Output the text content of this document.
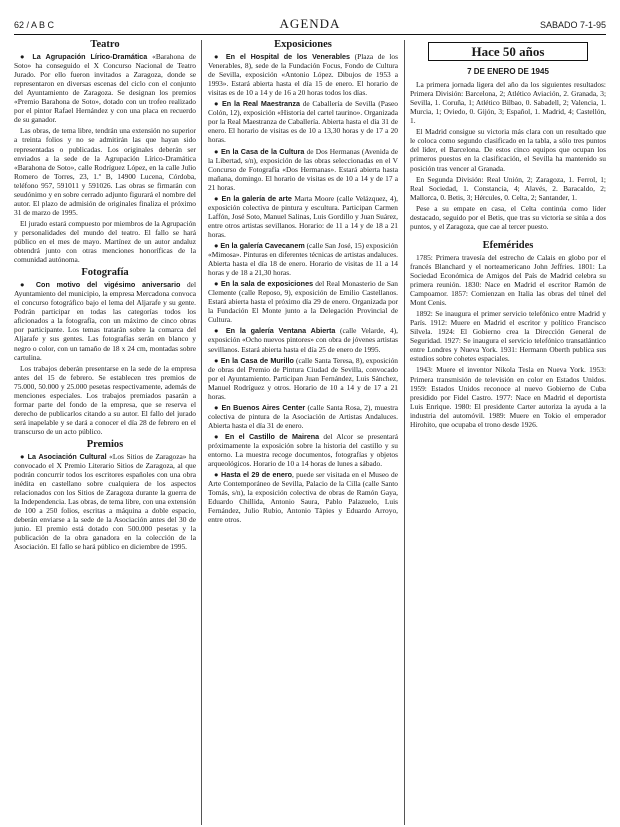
62 / A B C	AGENDA	SABADO 7-1-95
Teatro

● La Agrupación Lírico-Dramática «Barahona de Soto» ha conseguido el X Concurso Nacional de Teatro Jurado. Por ello fueron invitados a Zaragoza, donde se representaron en diversas escenas del ciclo con el conjunto del Ayuntamiento de Zaragoza. Se designan los premios «Premio Barahona de Soto», dotado con un trofeo realizado por el pintor Rafael Hernández y con una placa en recuerdo de su ganador.

Las obras, de tema libre, tendrán una extensión no superior a treinta folios y no se admitirán las que hayan sido representadas o publicadas. Los originales deberán ser enviados a la sede de la Agrupación Lírico-Dramática «Barahona de Soto», calle Rodríguez López, en la calle Julio Romero de Torres, 23, 1.º B, 14900 Lucena, Córdoba, teléfono 957, 591011 y 591026. Las obras se firmarán con seudónimo y en sobre cerrado adjunto figurará el nombre del autor. El plazo de admisión de originales finaliza el próximo 31 de marzo de 1995.

El jurado estará compuesto por miembros de la Agrupación y personalidades del mundo del teatro. El fallo se hará público en el mes de mayo. Martínez de un autor andaluz obtendrá junto con otras menciones honoríficas de la comunidad autónoma.

Fotografía

● Con motivo del vigésimo aniversario del Ayuntamiento del municipio, la empresa Mercadona convoca el concurso fotográfico bajo el lema del Aljarafe y su gente. Podrán participar en todas las categorías todos los aficionados a la fotografía, con un máximo de cinco obras por participante. Los temas tratarán sobre la comarca del Aljarafe y sus gentes. Las fotografías serán en blanco y negro o color, con un tamaño de 18 x 24 cm, montadas sobre cartulina.

Los trabajos deberán presentarse en la sede de la empresa antes del 15 de febrero. Se establecen tres premios de 75.000, 50.000 y 25.000 pesetas respectivamente, además de menciones especiales. Los trabajos premiados pasarán a formar parte del fondo de la empresa, que se reserva el derecho de publicarlos citando a su autor. El fallo del jurado será inapelable y se dará a conocer el día 28 de febrero en el transcurso de un acto público.

Premios

● La Asociación Cultural «Los Sitios de Zaragoza» ha convocado el X Premio Literario Sitios de Zaragoza, al que podrán concurrir todos los escritores españoles con una obra inédita en castellano sobre cualquiera de los aspectos relacionados con los Sitios de Zaragoza durante la guerra de la Independencia. Las obras, de tema libre, con una extensión de 100 a 250 folios, escritas a máquina a doble espacio, deberán enviarse a la sede de la Asociación antes del 30 de junio. El premio está dotado con 500.000 pesetas y la publicación de la obra ganadora en la colección de la Asociación. El fallo se hará público en diciembre de 1995.

Exposiciones

● En el Hospital de los Venerables (Plaza de los Venerables, 8), sede de la Fundación Focus, Fondo de Cultura de Sevilla, exposición «Antonio López. Dibujos de 1953 a 1993». Estará abierta hasta el día 15 de enero. El horario de visitas es de 10 a 14 y de 16 a 20 horas todos los días.

● En la Real Maestranza de Caballería de Sevilla (Paseo Colón, 12), exposición «Historia del cartel taurino». Organizada por la Real Maestranza de Caballería. Abierta hasta el día 31 de enero. El horario de visitas es de 10 a 13,30 horas y de 17 a 20 horas.

● En la Casa de la Cultura de Dos Hermanas (Avenida de la Libertad, s/n), exposición de las obras seleccionadas en el V Concurso de Fotografía «Dos Hermanas». Estará abierta hasta mañana, domingo. El horario de visitas es de 10 a 14 y de 17 a 21 horas.

● En la galería de arte Marta Moore (calle Velázquez, 4), exposición colectiva de pintura y escultura. Participan Carmen Laffón, José Soto, Manuel Salinas, Luis Gordillo y Juan Suárez, entre otros artistas sevillanos. Horario: de 11 a 14 y de 18 a 21 horas.

● En la galería Cavecanem (calle San José, 15) exposición «Mimosa». Pinturas en diferentes técnicas de artistas andaluces. Abierta hasta el día 18 de enero. Horario de visitas de 11 a 14 horas y de 18 a 21,30 horas.

● En la sala de exposiciones del Real Monasterio de San Clemente (calle Reposo, 9), exposición de Emilio Castellanos. Estará abierta hasta el próximo día 29 de enero. Organizada por la Fundación El Monte junto a la Delegación Provincial de Cultura.

● En la galería Ventana Abierta (calle Velarde, 4), exposición «Ocho nuevos pintores» con obra de jóvenes artistas sevillanos. Estará abierta hasta el día 25 de enero de 1995.

● En la Casa de Murillo (calle Santa Teresa, 8), exposición de obras del Premio de Pintura Ciudad de Sevilla, convocado por el Ayuntamiento. Participan Juan Fernández, Luis Sánchez, Manuel Rodríguez y otros. Horario de 10 a 14 y de 17 a 21 horas.

● En Buenos Aires Center (calle Santa Rosa, 2), muestra colectiva de pintura de la Asociación de Artistas Andaluces. Abierta hasta el día 31 de enero.

● En el Castillo de Mairena del Alcor se presentará próximamente la exposición sobre la historia del castillo y su entorno. La muestra recoge documentos, fotografías y objetos arqueológicos. Horario de 10 a 14 horas de lunes a sábado.

● Hasta el 29 de enero, puede ser visitada en el Museo de Arte Contemporáneo de Sevilla, Palacio de la Cilla (calle Santo Tomás, s/n), la exposición colectiva de obras de Ramón Gaya, Eduardo Chillida, Antonio Saura, Pablo Palazuelo, Luis Fernández, Julio Rubio, Antonio Tàpies y Eduardo Arroyo, entre otros.

Hace 50 años
7 DE ENERO DE 1945

La primera jornada ligera del año da los siguientes resultados: Primera División: Barcelona, 2; Atlético Aviación, 2. Granada, 3; Sevilla, 1. Coruña, 1; Atlético Bilbao, 0. Sabadell, 2; Valencia, 1. Murcia, 1; Oviedo, 0. Gijón, 3; Español, 1. Madrid, 4; Castellón, 1.

El Madrid consigue su victoria más clara con un resultado que le coloca como segundo clasificado en la tabla, a sólo tres puntos del líder, el Barcelona. De estos cinco equipos que ocupan los primeros puestos en la clasificación, el Sevilla ha mantenido su posición tras vencer al Granada.

En Segunda División: Real Unión, 2; Zaragoza, 1. Ferrol, 1; Real Sociedad, 1. Constancia, 4; Alavés, 2. Baracaldo, 2; Mallorca, 0. Betis, 3; Hércules, 0. Celta, 2; Santander, 1.

Pese a su empate en casa, el Celta continúa como líder destacado, seguido por el Betis, que tras su victoria se sitúa a dos puntos, y el Zaragoza, que cae al tercer puesto.

Efemérides

1785: Primera travesía del estrecho de Calais en globo por el francés Blanchard y el norteamericano John Jeffries. 1801: La Sociedad Económica de Amigos del País de Madrid celebra su primera reunión. 1830: Nace en Madrid el escritor Ramón de Campoamor. 1857: Comienzan en Italia las obras del túnel del Mont Cenis.

1892: Se inaugura el primer servicio telefónico entre Madrid y París. 1912: Muere en Madrid el escritor y político Francisco Silvela. 1924: El Gobierno crea la Dirección General de Seguridad. 1927: Se inaugura el servicio telefónico transatlántico entre Londres y Nueva York. 1931: Hermann Oberth publica sus estudios sobre cohetes espaciales.

1943: Muere el inventor Nikola Tesla en Nueva York. 1953: Primera transmisión de televisión en color en Estados Unidos. 1959: Estados Unidos reconoce al nuevo Gobierno de Cuba presidido por Fidel Castro. 1977: Nace en Madrid el deportista Luis Enrique. 1980: El presidente Carter autoriza la ayuda a la industria del automóvil. 1989: Muere en Tokio el emperador Hirohito, que ocupaba el trono desde 1926.
